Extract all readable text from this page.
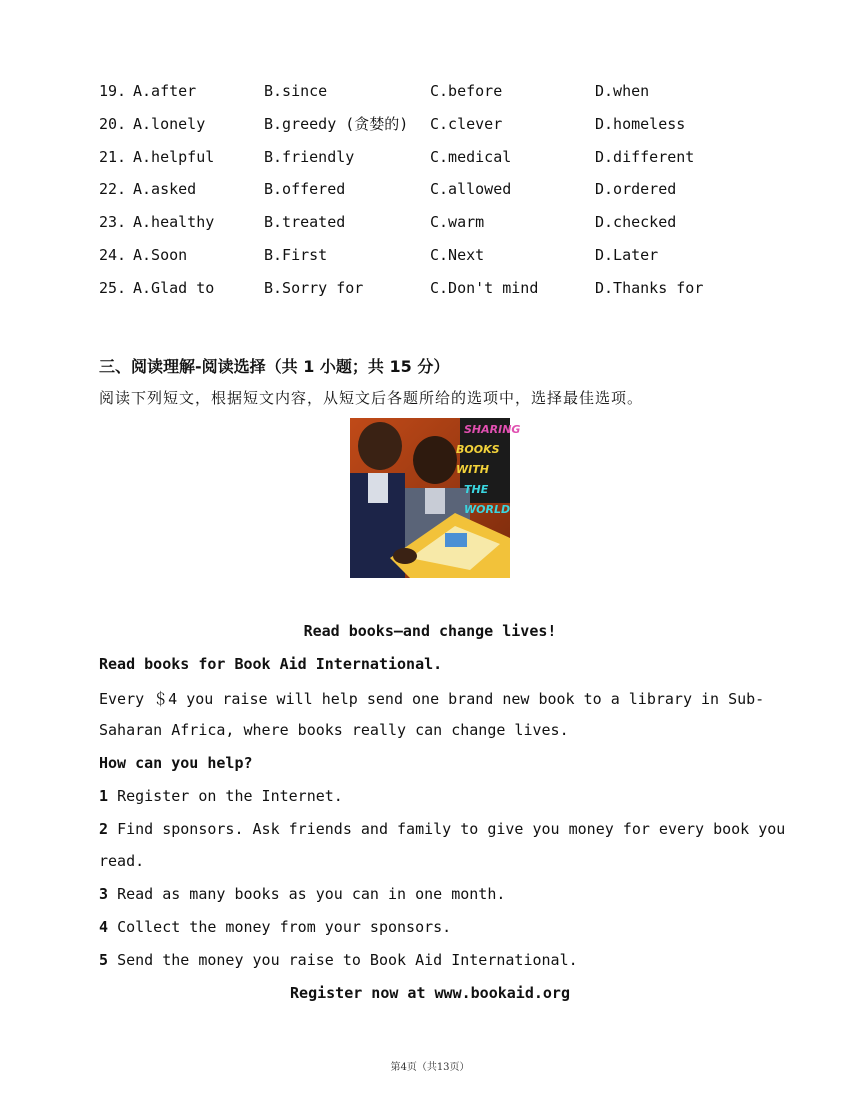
19. A.after	B.since	C.before	D.when
20. A.lonely	B.greedy (贪婪的) C.clever	D.homeless
21. A.helpful	B.friendly	C.medical	D.different
22. A.asked	B.offered	C.allowed	D.ordered
23. A.healthy	B.treated	C.warm	D.checked
24. A.Soon	B.First	C.Next	D.Later
25. A.Glad to	B.Sorry for	C.Don't mind	D.Thanks for
三、阅读理解-阅读选择（共 1 小题；共 15 分）
阅读下列短文，根据短文内容，从短文后各题所给的选项中，选择最佳选项。
SHARING
BOOKS WITH
THE WORLD
Read books—and change lives!
Read books for Book Aid International.
Every ＄4 you raise will help send one brand new book to a library in Sub-
Saharan Africa, where books really can change lives.
How can you help?
1 Register on the Internet.
2 Find sponsors. Ask friends and family to give you money for every book you
read.
3 Read as many books as you can in one month.
4 Collect the money from your sponsors.
5 Send the money you raise to Book Aid International.
Register now at www.bookaid.org
第4页（共13页）
